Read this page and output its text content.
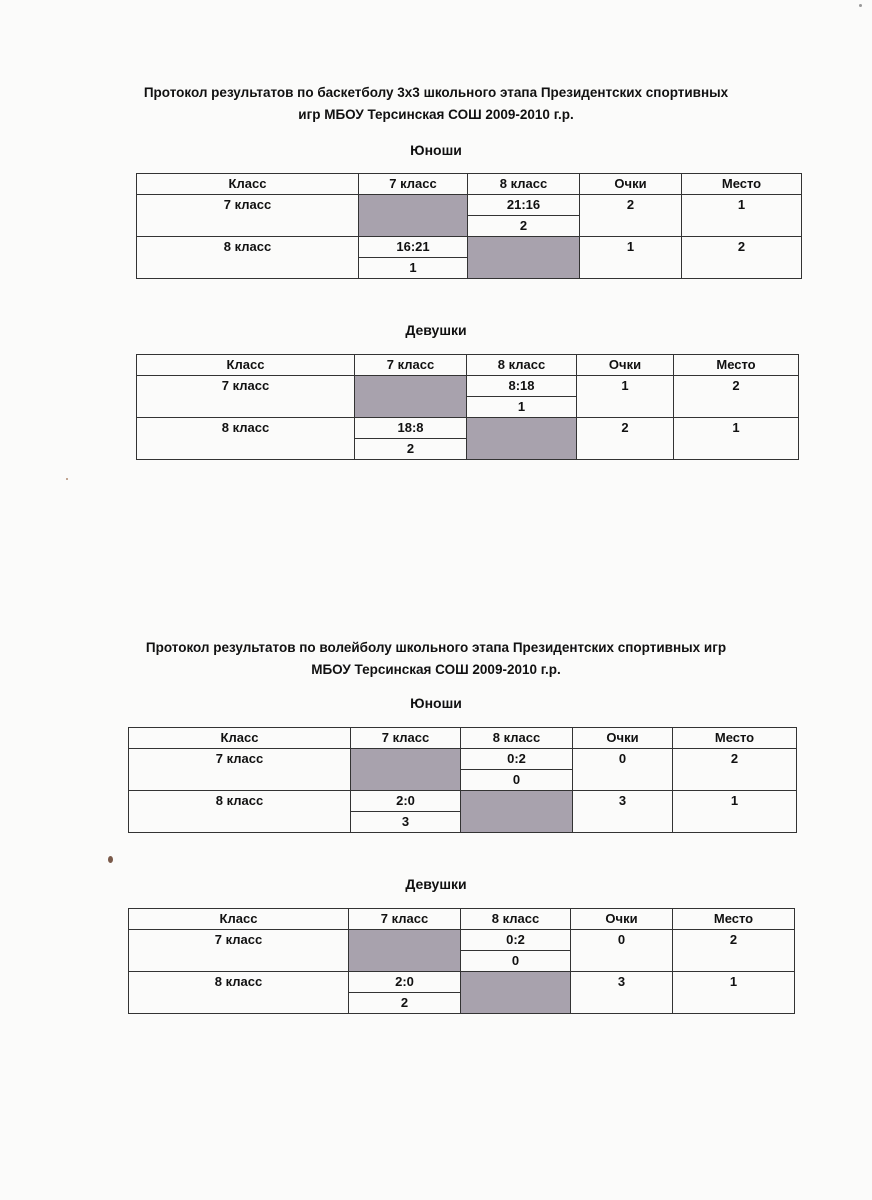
Протокол результатов по баскетболу 3х3 школьного этапа Президентских спортивных
игр МБОУ Терсинская СОШ 2009-2010 г.р.
Юноши
Класс	7 класс	8 класс	Очки	Место
7 класс		21:16	2	1
		2		
8 класс	16:21		1	2
	1			
Девушки
Класс	7 класс	8 класс	Очки	Место
7 класс		8:18	1	2
		1		
8 класс	18:8		2	1
	2			
Протокол результатов по волейболу школьного этапа Президентских спортивных игр
МБОУ Терсинская СОШ 2009-2010 г.р.
Юноши
Класс	7 класс	8 класс	Очки	Место
7 класс		0:2	0	2
		0		
8 класс	2:0		3	1
	3			
Девушки
Класс	7 класс	8 класс	Очки	Место
7 класс		0:2	0	2
		0		
8 класс	2:0		3	1
	2			
